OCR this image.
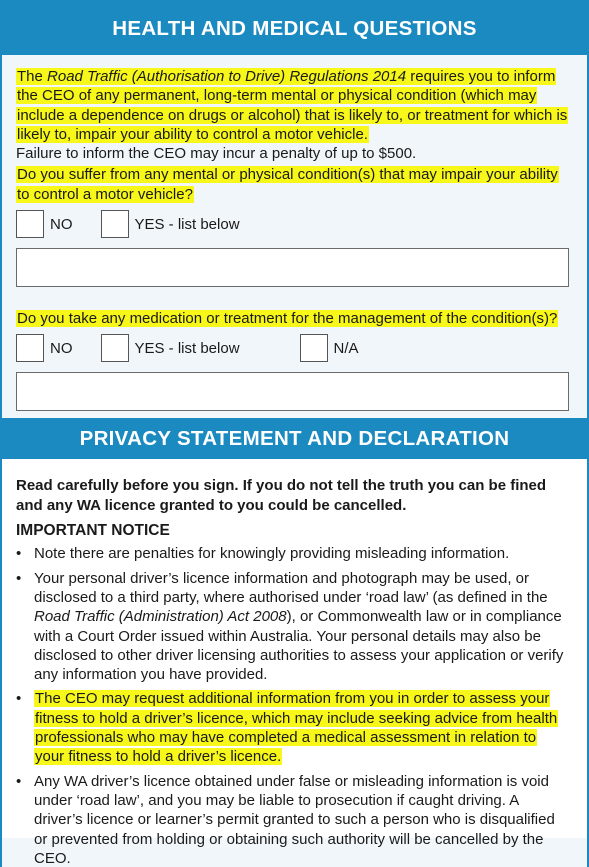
HEALTH AND MEDICAL QUESTIONS

The Road Traffic (Authorisation to Drive) Regulations 2014 requires you to inform the CEO of any permanent, long-term mental or physical condition (which may include a dependence on drugs or alcohol) that is likely to, or treatment for which is likely to, impair your ability to control a motor vehicle.
Failure to inform the CEO may incur a penalty of up to $500.

Do you suffer from any mental or physical condition(s) that may impair your ability to control a motor vehicle?

NO	YES - list below

Do you take any medication or treatment for the management of the condition(s)?

NO	YES - list below	N/A
PRIVACY STATEMENT AND DECLARATION

Read carefully before you sign. If you do not tell the truth you can be fined and any WA licence granted to you could be cancelled.

IMPORTANT NOTICE

• Note there are penalties for knowingly providing misleading information.
• Your personal driver’s licence information and photograph may be used, or disclosed to a third party, where authorised under ‘road law’ (as defined in the Road Traffic (Administration) Act 2008), or Commonwealth law or in compliance with a Court Order issued within Australia. Your personal details may also be disclosed to other driver licensing authorities to assess your application or verify any information you have provided.
• The CEO may request additional information from you in order to assess your fitness to hold a driver’s licence, which may include seeking advice from health professionals who may have completed a medical assessment in relation to your fitness to hold a driver’s licence.
• Any WA driver’s licence obtained under false or misleading information is void under ‘road law’, and you may be liable to prosecution if caught driving. A driver’s licence or learner’s permit granted to such a person who is disqualified or prevented from holding or obtaining such authority will be cancelled by the CEO.
